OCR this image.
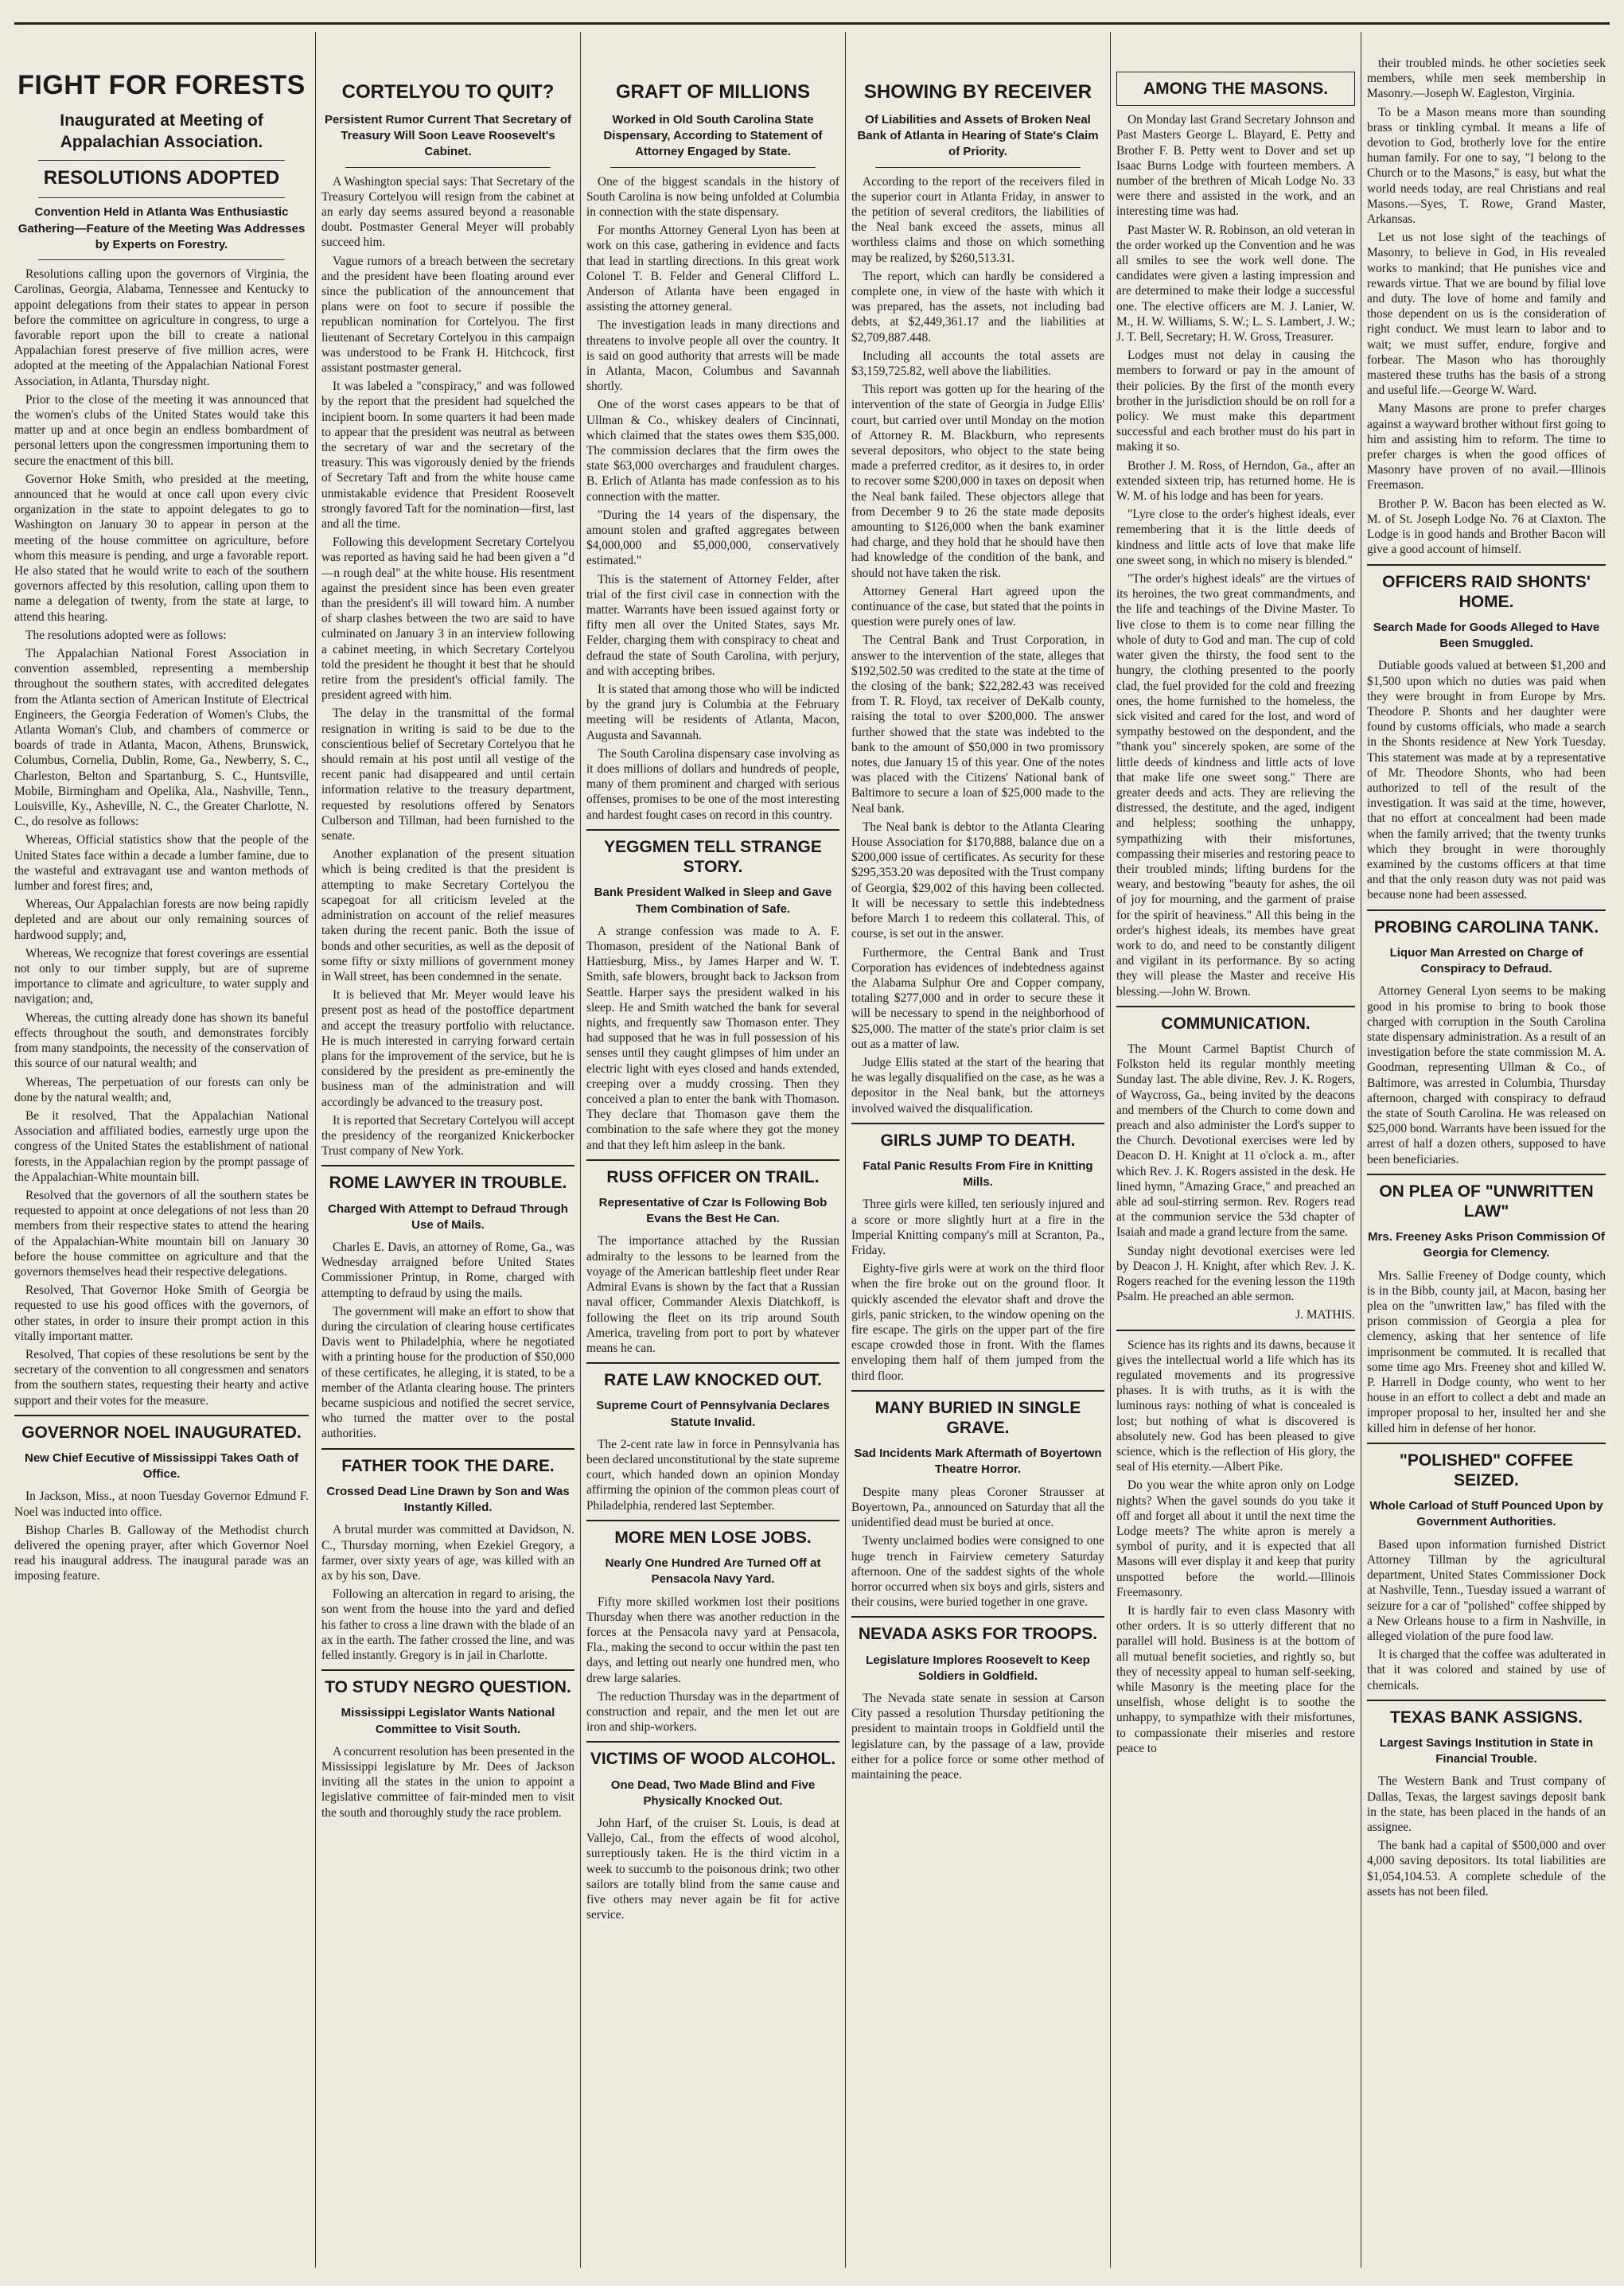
FIGHT FOR FORESTS
Inaugurated at Meeting of Appalachian Association.
RESOLUTIONS ADOPTED
Convention Held in Atlanta Was Enthusiastic Gathering—Feature of the Meeting Was Addresses by Experts on Forestry.

Resolutions calling upon the governors of Virginia, the Carolinas, Georgia, Alabama, Tennessee and Kentucky to appoint delegations from their states to appear in person before the committee on agriculture in congress, to urge a favorable report upon the bill to create a national Appalachian forest preserve of five million acres, were adopted at the meeting of the Appalachian National Forest Association, in Atlanta, Thursday night.

Prior to the close of the meeting it was announced that the women's clubs of the United States would take this matter up and at once begin an endless bombardment of personal letters upon the congressmen importuning them to secure the enactment of this bill.

Governor Hoke Smith, who presided at the meeting, announced that he would at once call upon every civic organization in the state to appoint delegates to go to Washington on January 30 to appear in person at the meeting of the house committee on agriculture, before whom this measure is pending, and urge a favorable report. He also stated that he would write to each of the southern governors affected by this resolution, calling upon them to name a delegation of twenty, from the state at large, to attend this hearing.

The resolutions adopted were as follows:

The Appalachian National Forest Association in convention assembled, representing a membership throughout the southern states, with accredited delegates from the Atlanta section of American Institute of Electrical Engineers, the Georgia Federation of Women's Clubs, the Atlanta Woman's Club, and chambers of commerce or boards of trade in Atlanta, Macon, Athens, Brunswick, Columbus, Cornelia, Dublin, Rome, Ga., Newberry, S. C., Charleston, Belton and Spartanburg, S. C., Huntsville, Mobile, Birmingham and Opelika, Ala., Nashville, Tenn., Louisville, Ky., Asheville, N. C., the Greater Charlotte, N. C., do resolve as follows:

Whereas, Official statistics show that the people of the United States face within a decade a lumber famine, due to the wasteful and extravagant use and wanton methods of lumber and forest fires; and,

Whereas, Our Appalachian forests are now being rapidly depleted and are about our only remaining sources of hardwood supply; and,

Whereas, We recognize that forest coverings are essential not only to our timber supply, but are of supreme importance to climate and agriculture, to water supply and navigation; and,

Whereas, the cutting already done has shown its baneful effects throughout the south, and demonstrates forcibly from many standpoints, the necessity of the conservation of this source of our natural wealth; and

Whereas, The perpetuation of our forests can only be done by the natural wealth; and,

Be it resolved, That the Appalachian National Association and affiliated bodies, earnestly urge upon the congress of the United States the establishment of national forests, in the Appalachian region by the prompt passage of the Appalachian-White mountain bill.

Resolved that the governors of all the southern states be requested to appoint at once delegations of not less than 20 members from their respective states to attend the hearing of the Appalachian-White mountain bill on January 30 before the house committee on agriculture and that the governors themselves head their respective delegations.

Resolved, That Governor Hoke Smith of Georgia be requested to use his good offices with the governors, of other states, in order to insure their prompt action in this vitally important matter.

Resolved, That copies of these resolutions be sent by the secretary of the convention to all congressmen and senators from the southern states, requesting their hearty and active support and their votes for the measure.

GOVERNOR NOEL INAUGURATED.
New Chief Eecutive of Mississippi Takes Oath of Office.

In Jackson, Miss., at noon Tuesday Governor Edmund F. Noel was inducted into office.

Bishop Charles B. Galloway of the Methodist church delivered the opening prayer, after which Governor Noel read his inaugural address. The inaugural parade was an imposing feature.

CORTELYOU TO QUIT?
Persistent Rumor Current That Secretary of Treasury Will Soon Leave Roosevelt's Cabinet.

A Washington special says: That Secretary of the Treasury Cortelyou will resign from the cabinet at an early day seems assured beyond a reasonable doubt. Postmaster General Meyer will probably succeed him.

Vague rumors of a breach between the secretary and the president have been floating around ever since the publication of the announcement that plans were on foot to secure if possible the republican nomination for Cortelyou. The first lieutenant of Secretary Cortelyou in this campaign was understood to be Frank H. Hitchcock, first assistant postmaster general.

It was labeled a "conspiracy," and was followed by the report that the president had squelched the incipient boom. In some quarters it had been made to appear that the president was neutral as between the secretary of war and the secretary of the treasury. This was vigorously denied by the friends of Secretary Taft and from the white house came unmistakable evidence that President Roosevelt strongly favored Taft for the nomination—first, last and all the time.

Following this development Secretary Cortelyou was reported as having said he had been given a "d—n rough deal" at the white house. His resentment against the president since has been even greater than the president's ill will toward him. A number of sharp clashes between the two are said to have culminated on January 3 in an interview following a cabinet meeting, in which Secretary Cortelyou told the president he thought it best that he should retire from the president's official family. The president agreed with him.

The delay in the transmittal of the formal resignation in writing is said to be due to the conscientious belief of Secretary Cortelyou that he should remain at his post until all vestige of the recent panic had disappeared and until certain information relative to the treasury department, requested by resolutions offered by Senators Culberson and Tillman, had been furnished to the senate.

Another explanation of the present situation which is being credited is that the president is attempting to make Secretary Cortelyou the scapegoat for all criticism leveled at the administration on account of the relief measures taken during the recent panic. Both the issue of bonds and other securities, as well as the deposit of some fifty or sixty millions of government money in Wall street, has been condemned in the senate.

It is believed that Mr. Meyer would leave his present post as head of the postoffice department and accept the treasury portfolio with reluctance. He is much interested in carrying forward certain plans for the improvement of the service, but he is considered by the president as pre-eminently the business man of the administration and will accordingly be advanced to the treasury post.

It is reported that Secretary Cortelyou will accept the presidency of the reorganized Knickerbocker Trust company of New York.

ROME LAWYER IN TROUBLE.
Charged With Attempt to Defraud Through Use of Mails.

Charles E. Davis, an attorney of Rome, Ga., was Wednesday arraigned before United States Commissioner Printup, in Rome, charged with attempting to defraud by using the mails.

The government will make an effort to show that during the circulation of clearing house certificates Davis went to Philadelphia, where he negotiated with a printing house for the production of $50,000 of these certificates, he alleging, it is stated, to be a member of the Atlanta clearing house. The printers became suspicious and notified the secret service, who turned the matter over to the postal authorities.

FATHER TOOK THE DARE.
Crossed Dead Line Drawn by Son and Was Instantly Killed.

A brutal murder was committed at Davidson, N. C., Thursday morning, when Ezekiel Gregory, a farmer, over sixty years of age, was killed with an ax by his son, Dave.

Following an altercation in regard to arising, the son went from the house into the yard and defied his father to cross a line drawn with the blade of an ax in the earth. The father crossed the line, and was felled instantly. Gregory is in jail in Charlotte.

TO STUDY NEGRO QUESTION.
Mississippi Legislator Wants National Committee to Visit South.

A concurrent resolution has been presented in the Mississippi legislature by Mr. Dees of Jackson inviting all the states in the union to appoint a legislative committee of fair-minded men to visit the south and thoroughly study the race problem.

GRAFT OF MILLIONS
Worked in Old South Carolina State Dispensary, According to Statement of Attorney Engaged by State.

One of the biggest scandals in the history of South Carolina is now being unfolded at Columbia in connection with the state dispensary.

For months Attorney General Lyon has been at work on this case, gathering in evidence and facts that lead in startling directions. In this great work Colonel T. B. Felder and General Clifford L. Anderson of Atlanta have been engaged in assisting the attorney general.

The investigation leads in many directions and threatens to involve people all over the country. It is said on good authority that arrests will be made in Atlanta, Macon, Columbus and Savannah shortly.

One of the worst cases appears to be that of Ullman & Co., whiskey dealers of Cincinnati, which claimed that the states owes them $35,000. The commission declares that the firm owes the state $63,000 overcharges and fraudulent charges. B. Erlich of Atlanta has made confession as to his connection with the matter.

"During the 14 years of the dispensary, the amount stolen and grafted aggregates between $4,000,000 and $5,000,000, conservatively estimated."

This is the statement of Attorney Felder, after trial of the first civil case in connection with the matter. Warrants have been issued against forty or fifty men all over the United States, says Mr. Felder, charging them with conspiracy to cheat and defraud the state of South Carolina, with perjury, and with accepting bribes.

It is stated that among those who will be indicted by the grand jury is Columbia at the February meeting will be residents of Atlanta, Macon, Augusta and Savannah.

The South Carolina dispensary case involving as it does millions of dollars and hundreds of people, many of them prominent and charged with serious offenses, promises to be one of the most interesting and hardest fought cases on record in this country.

YEGGMEN TELL STRANGE STORY.
Bank President Walked in Sleep and Gave Them Combination of Safe.

A strange confession was made to A. F. Thomason, president of the National Bank of Hattiesburg, Miss., by James Harper and W. T. Smith, safe blowers, brought back to Jackson from Seattle. Harper says the president walked in his sleep. He and Smith watched the bank for several nights, and frequently saw Thomason enter. They had supposed that he was in full possession of his senses until they caught glimpses of him under an electric light with eyes closed and hands extended, creeping over a muddy crossing. Then they conceived a plan to enter the bank with Thomason. They declare that Thomason gave them the combination to the safe where they got the money and that they left him asleep in the bank.

RUSS OFFICER ON TRAIL.
Representative of Czar Is Following Bob Evans the Best He Can.

The importance attached by the Russian admiralty to the lessons to be learned from the voyage of the American battleship fleet under Rear Admiral Evans is shown by the fact that a Russian naval officer, Commander Alexis Diatchkoff, is following the fleet on its trip around South America, traveling from port to port by whatever means he can.

RATE LAW KNOCKED OUT.
Supreme Court of Pennsylvania Declares Statute Invalid.

The 2-cent rate law in force in Pennsylvania has been declared unconstitutional by the state supreme court, which handed down an opinion Monday affirming the opinion of the common pleas court of Philadelphia, rendered last September.

MORE MEN LOSE JOBS.
Nearly One Hundred Are Turned Off at Pensacola Navy Yard.

Fifty more skilled workmen lost their positions Thursday when there was another reduction in the forces at the Pensacola navy yard at Pensacola, Fla., making the second to occur within the past ten days, and letting out nearly one hundred men, who drew large salaries.

The reduction Thursday was in the department of construction and repair, and the men let out are iron and ship-workers.

VICTIMS OF WOOD ALCOHOL.
One Dead, Two Made Blind and Five Physically Knocked Out.

John Harf, of the cruiser St. Louis, is dead at Vallejo, Cal., from the effects of wood alcohol, surreptiously taken. He is the third victim in a week to succumb to the poisonous drink; two other sailors are totally blind from the same cause and five others may never again be fit for active service.

SHOWING BY RECEIVER
Of Liabilities and Assets of Broken Neal Bank of Atlanta in Hearing of State's Claim of Priority.

According to the report of the receivers filed in the superior court in Atlanta Friday, in answer to the petition of several creditors, the liabilities of the Neal bank exceed the assets, minus all worthless claims and those on which something may be realized, by $260,513.31.

The report, which can hardly be considered a complete one, in view of the haste with which it was prepared, has the assets, not including bad debts, at $2,449,361.17 and the liabilities at $2,709,887.448.

Including all accounts the total assets are $3,159,725.82, well above the liabilities.

This report was gotten up for the hearing of the intervention of the state of Georgia in Judge Ellis' court, but carried over until Monday on the motion of Attorney R. M. Blackburn, who represents several depositors, who object to the state being made a preferred creditor, as it desires to, in order to recover some $200,000 in taxes on deposit when the Neal bank failed. These objectors allege that from December 9 to 26 the state made deposits amounting to $126,000 when the bank examiner had charge, and they hold that he should have then had knowledge of the condition of the bank, and should not have taken the risk.

Attorney General Hart agreed upon the continuance of the case, but stated that the points in question were purely ones of law.

The Central Bank and Trust Corporation, in answer to the intervention of the state, alleges that $192,502.50 was credited to the state at the time of the closing of the bank; $22,282.43 was received from T. R. Floyd, tax receiver of DeKalb county, raising the total to over $200,000. The answer further showed that the state was indebted to the bank to the amount of $50,000 in two promissory notes, due January 15 of this year. One of the notes was placed with the Citizens' National bank of Baltimore to secure a loan of $25,000 made to the Neal bank.

The Neal bank is debtor to the Atlanta Clearing House Association for $170,888, balance due on a $200,000 issue of certificates. As security for these $295,353.20 was deposited with the Trust company of Georgia, $29,002 of this having been collected. It will be necessary to settle this indebtedness before March 1 to redeem this collateral. This, of course, is set out in the answer.

Furthermore, the Central Bank and Trust Corporation has evidences of indebtedness against the Alabama Sulphur Ore and Copper company, totaling $277,000 and in order to secure these it will be necessary to spend in the neighborhood of $25,000. The matter of the state's prior claim is set out as a matter of law.

Judge Ellis stated at the start of the hearing that he was legally disqualified on the case, as he was a depositor in the Neal bank, but the attorneys involved waived the disqualification.

GIRLS JUMP TO DEATH.
Fatal Panic Results From Fire in Knitting Mills.

Three girls were killed, ten seriously injured and a score or more slightly hurt at a fire in the Imperial Knitting company's mill at Scranton, Pa., Friday.

Eighty-five girls were at work on the third floor when the fire broke out on the ground floor. It quickly ascended the elevator shaft and drove the girls, panic stricken, to the window opening on the fire escape. The girls on the upper part of the fire escape crowded those in front. With the flames enveloping them half of them jumped from the third floor.

MANY BURIED IN SINGLE GRAVE.
Sad Incidents Mark Aftermath of Boyertown Theatre Horror.

Despite many pleas Coroner Strausser at Boyertown, Pa., announced on Saturday that all the unidentified dead must be buried at once.

Twenty unclaimed bodies were consigned to one huge trench in Fairview cemetery Saturday afternoon. One of the saddest sights of the whole horror occurred when six boys and girls, sisters and their cousins, were buried together in one grave.

NEVADA ASKS FOR TROOPS.
Legislature Implores Roosevelt to Keep Soldiers in Goldfield.

The Nevada state senate in session at Carson City passed a resolution Thursday petitioning the president to maintain troops in Goldfield until the legislature can, by the passage of a law, provide either for a police force or some other method of maintaining the peace.

AMONG THE MASONS.

On Monday last Grand Secretary Johnson and Past Masters George L. Blayard, E. Petty and Brother F. B. Petty went to Dover and set up Isaac Burns Lodge with fourteen members. A number of the brethren of Micah Lodge No. 33 were there and assisted in the work, and an interesting time was had.

Past Master W. R. Robinson, an old veteran in the order worked up the Convention and he was all smiles to see the work well done. The candidates were given a lasting impression and are determined to make their lodge a successful one. The elective officers are M. J. Lanier, W. M., H. W. Williams, S. W.; L. S. Lambert, J. W.; J. T. Bell, Secretary; H. W. Gross, Treasurer.

Lodges must not delay in causing the members to forward or pay in the amount of their policies. By the first of the month every brother in the jurisdiction should be on roll for a policy. We must make this department successful and each brother must do his part in making it so.

Brother J. M. Ross, of Herndon, Ga., after an extended sixteen trip, has returned home. He is W. M. of his lodge and has been for years.

"Lyre close to the order's highest ideals, ever remembering that it is the little deeds of kindness and little acts of love that make life one sweet song, in which no misery is blended."

"The order's highest ideals" are the virtues of its heroines, the two great commandments, and the life and teachings of the Divine Master. To live close to them is to come near filling the whole of duty to God and man. The cup of cold water given the thirsty, the food sent to the hungry, the clothing presented to the poorly clad, the fuel provided for the cold and freezing ones, the home furnished to the homeless, the sick visited and cared for the lost, and word of sympathy bestowed on the despondent, and the "thank you" sincerely spoken, are some of the little deeds of kindness and little acts of love that make life one sweet song." There are greater deeds and acts. They are relieving the distressed, the destitute, and the aged, indigent and helpless; soothing the unhappy, sympathizing with their misfortunes, compassing their miseries and restoring peace to their troubled minds; lifting burdens for the weary, and bestowing "beauty for ashes, the oil of joy for mourning, and the garment of praise for the spirit of heaviness." All this being in the order's highest ideals, its membes have great work to do, and need to be constantly diligent and vigilant in its performance. By so acting they will please the Master and receive His blessing.—John W. Brown.

COMMUNICATION.

The Mount Carmel Baptist Church of Folkston held its regular monthly meeting Sunday last. The able divine, Rev. J. K. Rogers, of Waycross, Ga., being invited by the deacons and members of the Church to come down and preach and also administer the Lord's supper to the Church. Devotional exercises were led by Deacon D. H. Knight at 11 o'clock a. m., after which Rev. J. K. Rogers assisted in the desk. He lined hymn, "Amazing Grace," and preached an able ad soul-stirring sermon. Rev. Rogers read at the communion service the 53d chapter of Isaiah and made a grand lecture from the same.

Sunday night devotional exercises were led by Deacon J. H. Knight, after which Rev. J. K. Rogers reached for the evening lesson the 119th Psalm. He preached an able sermon.

J. MATHIS.

Science has its rights and its dawns, because it gives the intellectual world a life which has its regulated movements and its progressive phases. It is with truths, as it is with the luminous rays: nothing of what is concealed is lost; but nothing of what is discovered is absolutely new. God has been pleased to give science, which is the reflection of His glory, the seal of His eternity.—Albert Pike.

Do you wear the white apron only on Lodge nights? When the gavel sounds do you take it off and forget all about it until the next time the Lodge meets? The white apron is merely a symbol of purity, and it is expected that all Masons will ever display it and keep that purity unspotted before the world.—Illinois Freemasonry.

It is hardly fair to even class Masonry with other orders. It is so utterly different that no parallel will hold. Business is at the bottom of all mutual benefit societies, and rightly so, but they of necessity appeal to human self-seeking, while Masonry is the meeting place for the unselfish, whose delight is to soothe the unhappy, to sympathize with their misfortunes, to compassionate their miseries and restore peace to

their troubled minds. he other societies seek members, while men seek membership in Masonry.—Joseph W. Eagleston, Virginia.

To be a Mason means more than sounding brass or tinkling cymbal. It means a life of devotion to God, brotherly love for the entire human family. For one to say, "I belong to the Church or to the Masons," is easy, but what the world needs today, are real Christians and real Masons.—Syes, T. Rowe, Grand Master, Arkansas.

Let us not lose sight of the teachings of Masonry, to believe in God, in His revealed works to mankind; that He punishes vice and rewards virtue. That we are bound by filial love and duty. The love of home and family and those dependent on us is the consideration of right conduct. We must learn to labor and to wait; we must suffer, endure, forgive and forbear. The Mason who has thoroughly mastered these truths has the basis of a strong and useful life.—George W. Ward.

Many Masons are prone to prefer charges against a wayward brother without first going to him and assisting him to reform. The time to prefer charges is when the good offices of Masonry have proven of no avail.—Illinois Freemason.

Brother P. W. Bacon has been elected as W. M. of St. Joseph Lodge No. 76 at Claxton. The Lodge is in good hands and Brother Bacon will give a good account of himself.

OFFICERS RAID SHONTS' HOME.
Search Made for Goods Alleged to Have Been Smuggled.

Dutiable goods valued at between $1,200 and $1,500 upon which no duties was paid when they were brought in from Europe by Mrs. Theodore P. Shonts and her daughter were found by customs officials, who made a search in the Shonts residence at New York Tuesday. This statement was made at by a representative of Mr. Theodore Shonts, who had been authorized to tell of the result of the investigation. It was said at the time, however, that no effort at concealment had been made when the family arrived; that the twenty trunks which they brought in were thoroughly examined by the customs officers at that time and that the only reason duty was not paid was because none had been assessed.

PROBING CAROLINA TANK.
Liquor Man Arrested on Charge of Conspiracy to Defraud.

Attorney General Lyon seems to be making good in his promise to bring to book those charged with corruption in the South Carolina state dispensary administration. As a result of an investigation before the state commission M. A. Goodman, representing Ullman & Co., of Baltimore, was arrested in Columbia, Thursday afternoon, charged with conspiracy to defraud the state of South Carolina. He was released on $25,000 bond. Warrants have been issued for the arrest of half a dozen others, supposed to have been beneficiaries.

ON PLEA OF "UNWRITTEN LAW"
Mrs. Freeney Asks Prison Commission Of Georgia for Clemency.

Mrs. Sallie Freeney of Dodge county, which is in the Bibb, county jail, at Macon, basing her plea on the "unwritten law," has filed with the prison commission of Georgia a plea for clemency, asking that her sentence of life imprisonment be commuted. It is recalled that some time ago Mrs. Freeney shot and killed W. P. Harrell in Dodge county, who went to her house in an effort to collect a debt and made an improper proposal to her, insulted her and she killed him in defense of her honor.

"POLISHED" COFFEE SEIZED.
Whole Carload of Stuff Pounced Upon by Government Authorities.

Based upon information furnished District Attorney Tillman by the agricultural department, United States Commissioner Dock at Nashville, Tenn., Tuesday issued a warrant of seizure for a car of "polished" coffee shipped by a New Orleans house to a firm in Nashville, in alleged violation of the pure food law.

It is charged that the coffee was adulterated in that it was colored and stained by use of chemicals.

TEXAS BANK ASSIGNS.
Largest Savings Institution in State in Financial Trouble.

The Western Bank and Trust company of Dallas, Texas, the largest savings deposit bank in the state, has been placed in the hands of an assignee.

The bank had a capital of $500,000 and over 4,000 saving depositors. Its total liabilities are $1,054,104.53. A complete schedule of the assets has not been filed.
